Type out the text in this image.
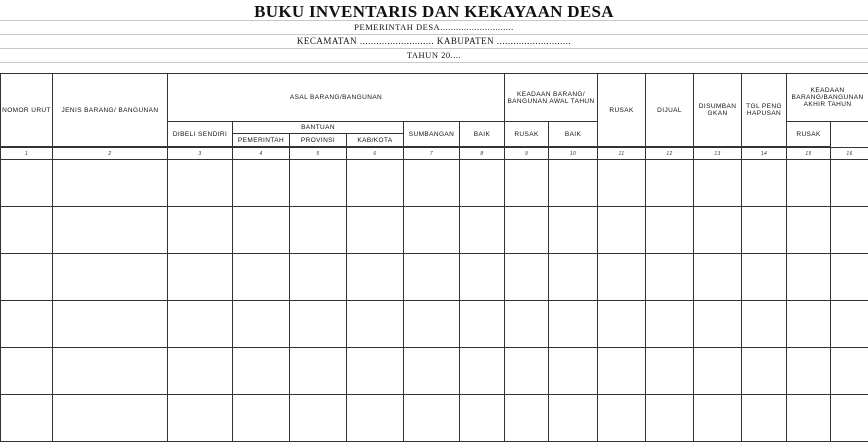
BUKU INVENTARIS DAN KEKAYAAN DESA
PEMERINTAH DESA............................
KECAMATAN ........................... KABUPATEN ...........................
TAHUN 20....
NOMOR URUT	JENIS BARANG/ BANGUNAN	ASAL BARANG/BANGUNAN						KEADAAN BARANG/ BANGUNAN AWAL TAHUN		RUSAK	DIJUAL	DISUMBAN GKAN	TGL PENG HAPUSAN	KEADAAN BARANG/BANGUNAN AKHIR TAHUN	
		DIBELI SENDIRI	BANTUAN			SUMBANGAN	BAIK	RUSAK	BAIK					RUSAK		
			PEMERINTAH	PROVINSI	KAB/KOTA											

1	2	3	4	5	6	7	8	9	10	11	12	13	14	15	16	
